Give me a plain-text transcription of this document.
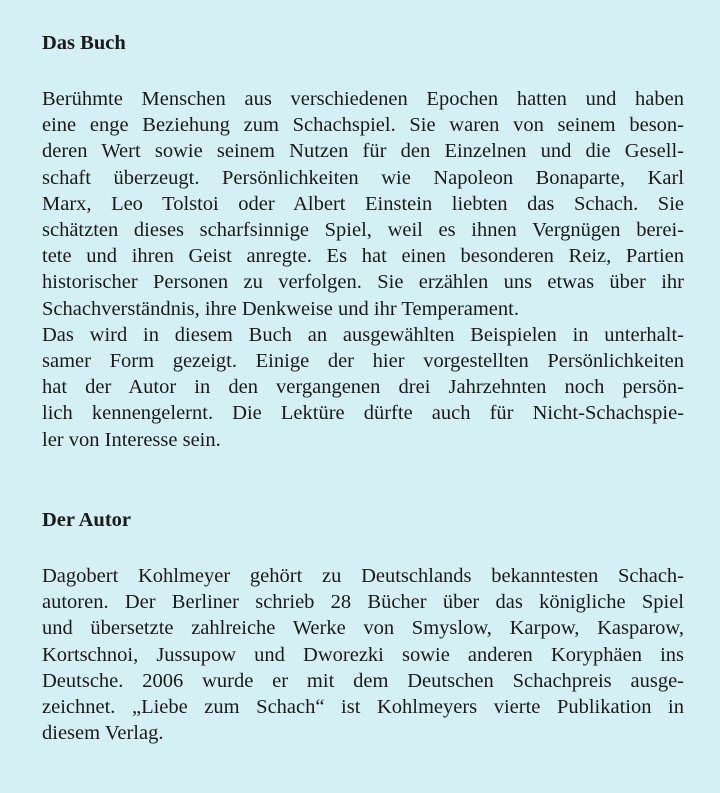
Das Buch
Berühmte Menschen aus verschiedenen Epochen hatten und haben
eine enge Beziehung zum Schachspiel. Sie waren von seinem beson-
deren Wert sowie seinem Nutzen für den Einzelnen und die Gesell-
schaft überzeugt. Persönlichkeiten wie Napoleon Bonaparte, Karl
Marx, Leo Tolstoi oder Albert Einstein liebten das Schach. Sie
schätzten dieses scharfsinnige Spiel, weil es ihnen Vergnügen berei-
tete und ihren Geist anregte. Es hat einen besonderen Reiz, Partien
historischer Personen zu verfolgen. Sie erzählen uns etwas über ihr
Schachverständnis, ihre Denkweise und ihr Temperament.
Das wird in diesem Buch an ausgewählten Beispielen in unterhalt-
samer Form gezeigt. Einige der hier vorgestellten Persönlichkeiten
hat der Autor in den vergangenen drei Jahrzehnten noch persön-
lich kennengelernt. Die Lektüre dürfte auch für Nicht-Schachspie-
ler von Interesse sein.
Der Autor
Dagobert Kohlmeyer gehört zu Deutschlands bekanntesten Schach-
autoren. Der Berliner schrieb 28 Bücher über das königliche Spiel
und übersetzte zahlreiche Werke von Smyslow, Karpow, Kasparow,
Kortschnoi, Jussupow und Dworezki sowie anderen Koryphäen ins
Deutsche. 2006 wurde er mit dem Deutschen Schachpreis ausge-
zeichnet. „Liebe zum Schach“ ist Kohlmeyers vierte Publikation in
diesem Verlag.
